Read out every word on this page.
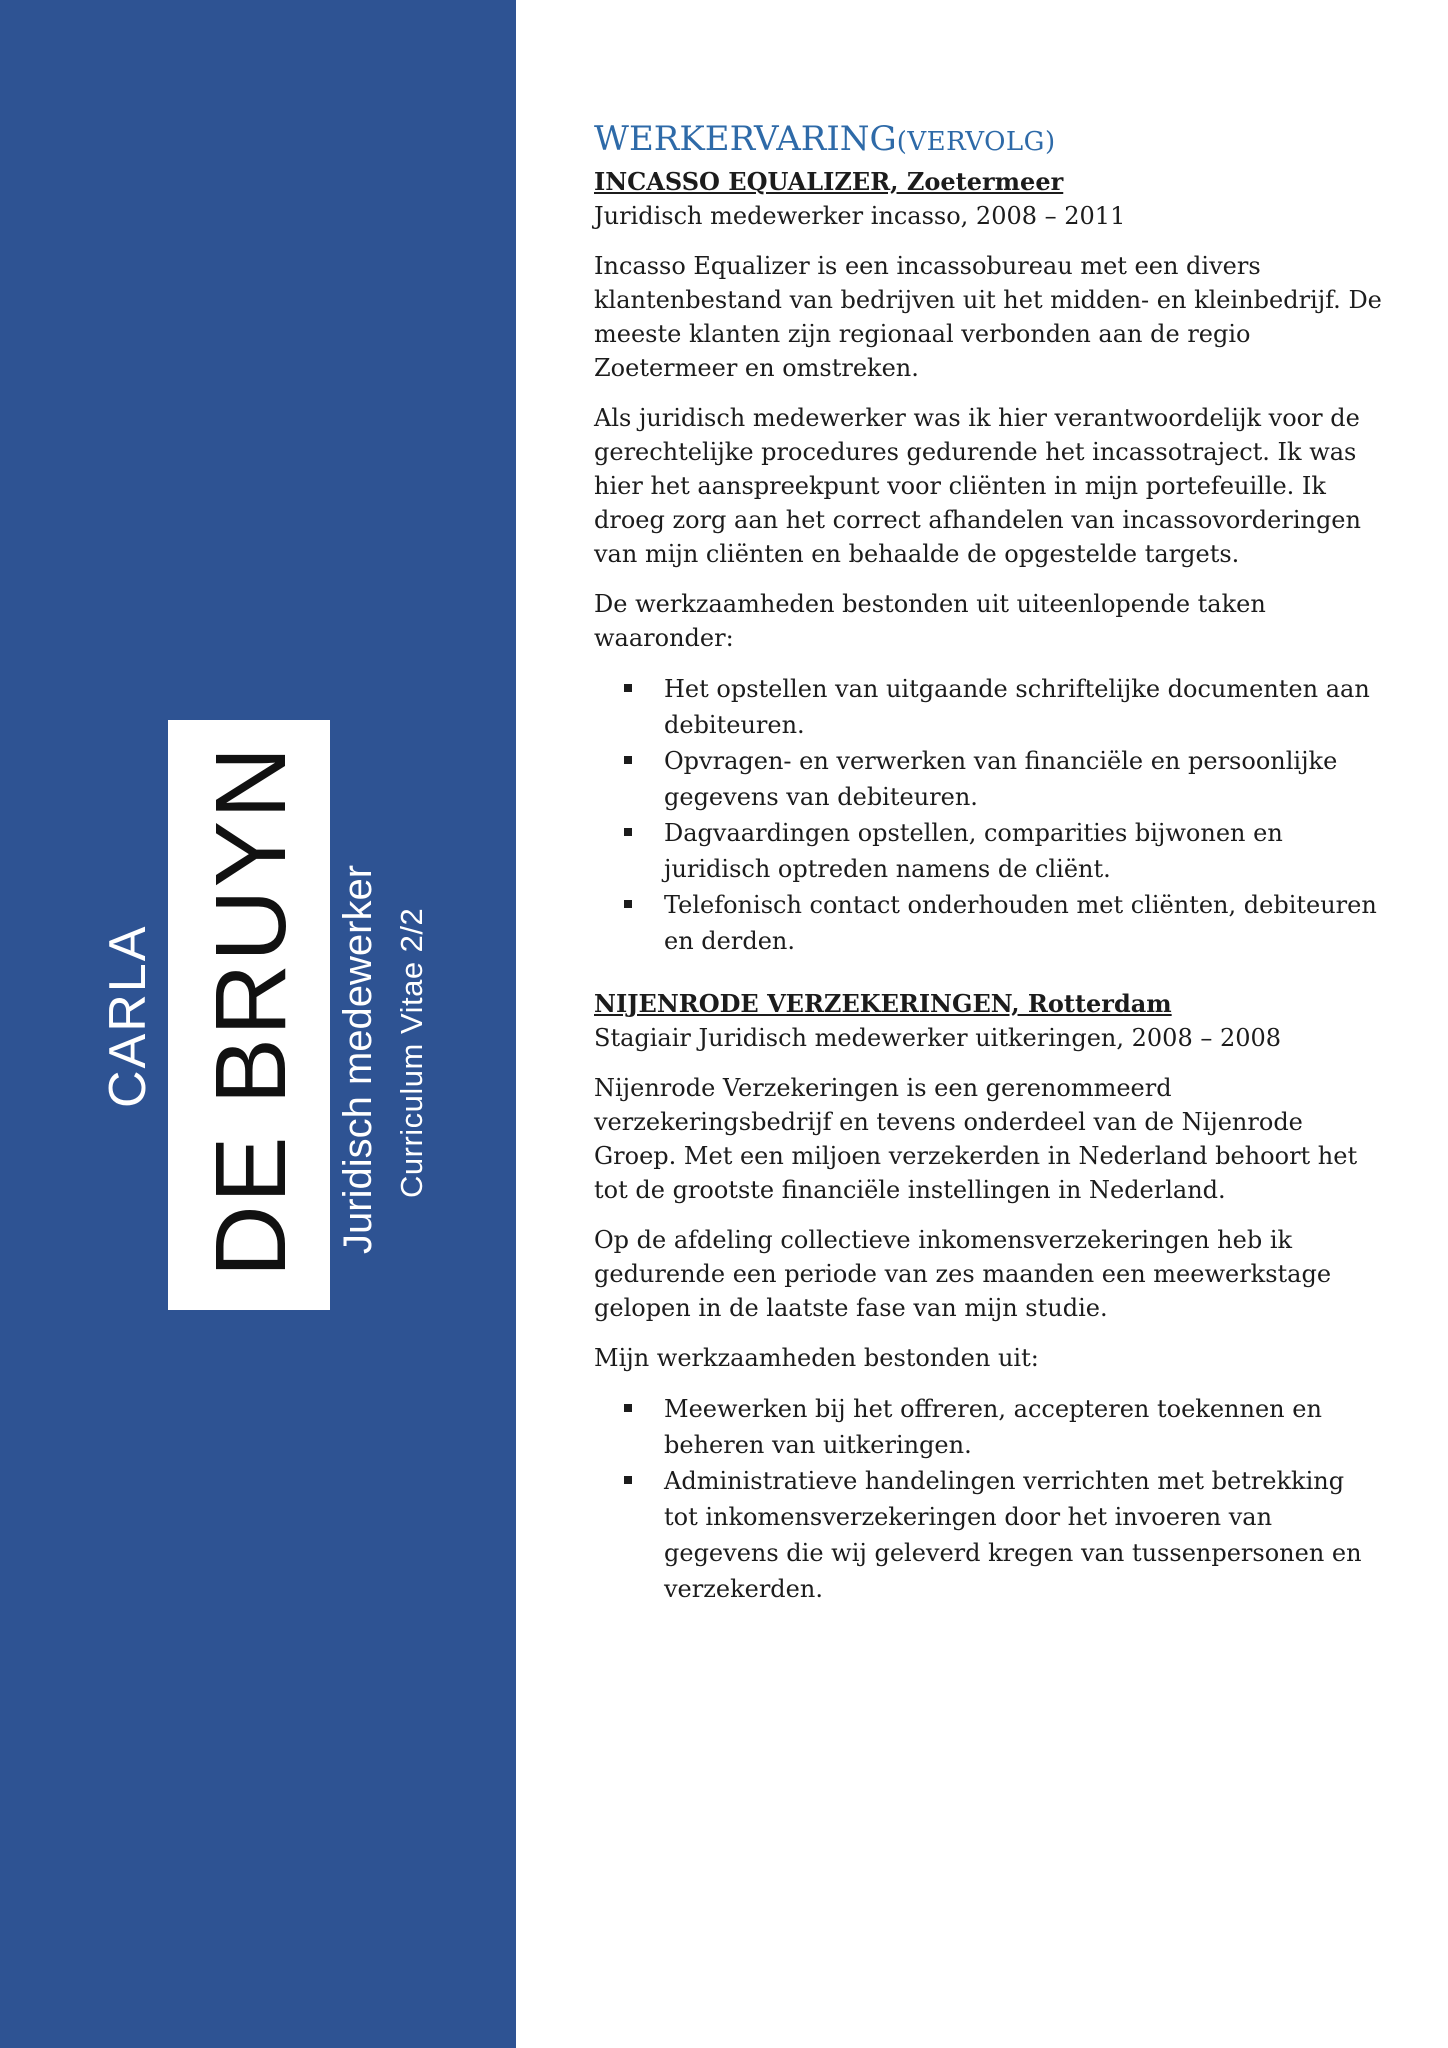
CARLA DE BRUYN Juridisch medewerker Curriculum Vitae 2/2
WERKERVARING(VERVOLG)

INCASSO EQUALIZER, Zoetermeer

Juridisch medewerker incasso, 2008 – 2011

Incasso Equalizer is een incassobureau met een divers klantenbestand van bedrijven uit het midden- en kleinbedrijf. De meeste klanten zijn regionaal verbonden aan de regio Zoetermeer en omstreken.

Als juridisch medewerker was ik hier verantwoordelijk voor de gerechtelijke procedures gedurende het incassotraject. Ik was hier het aanspreekpunt voor cliënten in mijn portefeuille. Ik droeg zorg aan het correct afhandelen van incassovorderingen van mijn cliënten en behaalde de opgestelde targets.

De werkzaamheden bestonden uit uiteenlopende taken waaronder:

Het opstellen van uitgaande schriftelijke documenten aan debiteuren.
Opvragen- en verwerken van financiële en persoonlijke gegevens van debiteuren.
Dagvaardingen opstellen, comparities bijwonen en juridisch optreden namens de cliënt.
Telefonisch contact onderhouden met cliënten, debiteuren en derden.

NIJENRODE VERZEKERINGEN, Rotterdam

Stagiair Juridisch medewerker uitkeringen, 2008 – 2008

Nijenrode Verzekeringen is een gerenommeerd verzekeringsbedrijf en tevens onderdeel van de Nijenrode Groep. Met een miljoen verzekerden in Nederland behoort het tot de grootste financiële instellingen in Nederland.

Op de afdeling collectieve inkomensverzekeringen heb ik gedurende een periode van zes maanden een meewerkstage gelopen in de laatste fase van mijn studie.

Mijn werkzaamheden bestonden uit:

Meewerken bij het offreren, accepteren toekennen en beheren van uitkeringen.
Administratieve handelingen verrichten met betrekking tot inkomensverzekeringen door het invoeren van gegevens die wij geleverd kregen van tussenpersonen en verzekerden.
